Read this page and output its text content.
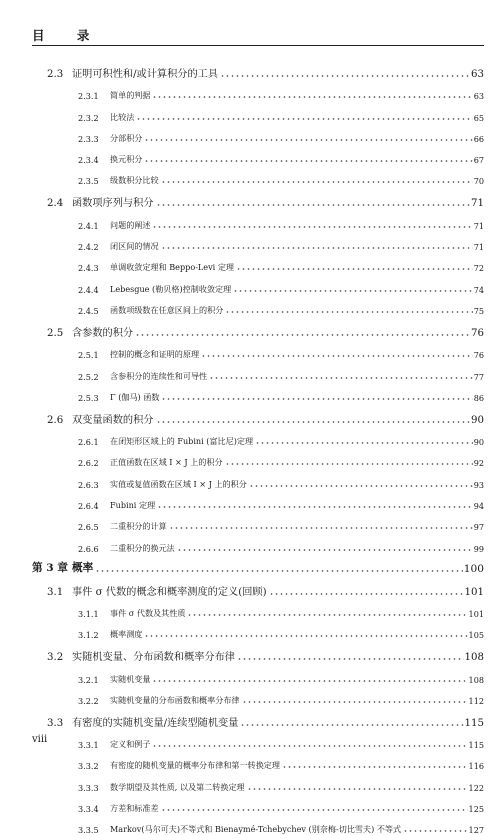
目 录
2.3 证明可积性和/或计算积分的工具	63
2.3.1	简单的判据	63
2.3.2	比较法	65
2.3.3	分部积分	66
2.3.4	换元积分	67
2.3.5	级数积分比较	70
2.4 函数项序列与积分	71
2.4.1	问题的阐述	71
2.4.2	闭区间的情况	71
2.4.3	单调收敛定理和 Beppo-Levi 定理	72
2.4.4	Lebesgue (勒贝格)控制收敛定理	74
2.4.5	函数项级数在任意区间上的积分	75
2.5 含参数的积分	76
2.5.1	控制的概念和证明的原理	76
2.5.2	含参积分的连续性和可导性	77
2.5.3	Γ (伽马) 函数	86
2.6 双变量函数的积分	90
2.6.1	在闭矩形区域上的 Fubini (富比尼)定理	90
2.6.2	正值函数在区域 I × J 上的积分	92
2.6.3	实值或复值函数在区域 I × J 上的积分	93
2.6.4	Fubini 定理	94
2.6.5	二重积分的计算	97
2.6.6	二重积分的换元法	99
第 3 章 概率	100
3.1 事件 σ 代数的概念和概率测度的定义(回顾)	101
3.1.1	事件 σ 代数及其性质	101
3.1.2	概率测度	105
3.2 实随机变量、分布函数和概率分布律	108
3.2.1	实随机变量	108
3.2.2	实随机变量的分布函数和概率分布律	112
3.3 有密度的实随机变量/连续型随机变量	115
3.3.1	定义和例子	115
3.3.2	有密度的随机变量的概率分布律和第一转换定理	116
3.3.3	数学期望及其性质, 以及第二转换定理	122
3.3.4	方差和标准差	125
3.3.5	Markov(马尔可夫)不等式和 Bienaymé-Tchebychev (别奈梅-切比雪夫) 不等式	127
viii
